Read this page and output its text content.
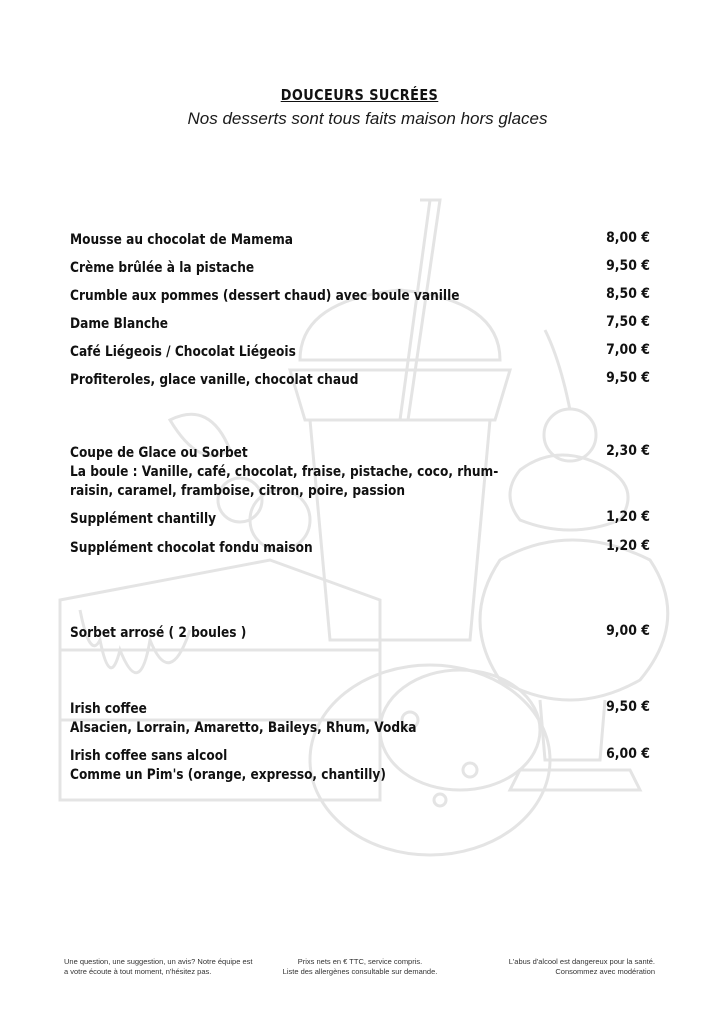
DOUCEURS SUCRÉES
Nos desserts sont tous faits maison hors glaces
Mousse au chocolat de Mamema	8,00 €
Crème brûlée à la pistache	9,50 €
Crumble aux pommes (dessert chaud) avec boule vanille	8,50 €
Dame Blanche	7,50 €
Café Liégeois / Chocolat Liégeois	7,00 €
Profiteroles, glace vanille, chocolat chaud	9,50 €
Coupe de Glace ou Sorbet	2,30 €
La boule : Vanille, café, chocolat, fraise, pistache, coco, rhum-raisin, caramel, framboise, citron, poire, passion
Supplément chantilly	1,20 €
Supplément chocolat fondu maison	1,20 €
Sorbet arrosé ( 2 boules )	9,00 €
Irish coffee	9,50 €
Alsacien, Lorrain, Amaretto, Baileys, Rhum, Vodka
Irish coffee sans alcool	6,00 €
Comme un Pim's (orange, expresso, chantilly)
Une question, une suggestion, un avis? Notre équipe est
a votre écoute à tout moment, n'hésitez pas.
Prixs nets en € TTC, service compris.
Liste des allergènes consultable sur demande.
L'abus d'alcool est dangereux pour la santé.
Consommez avec modération
